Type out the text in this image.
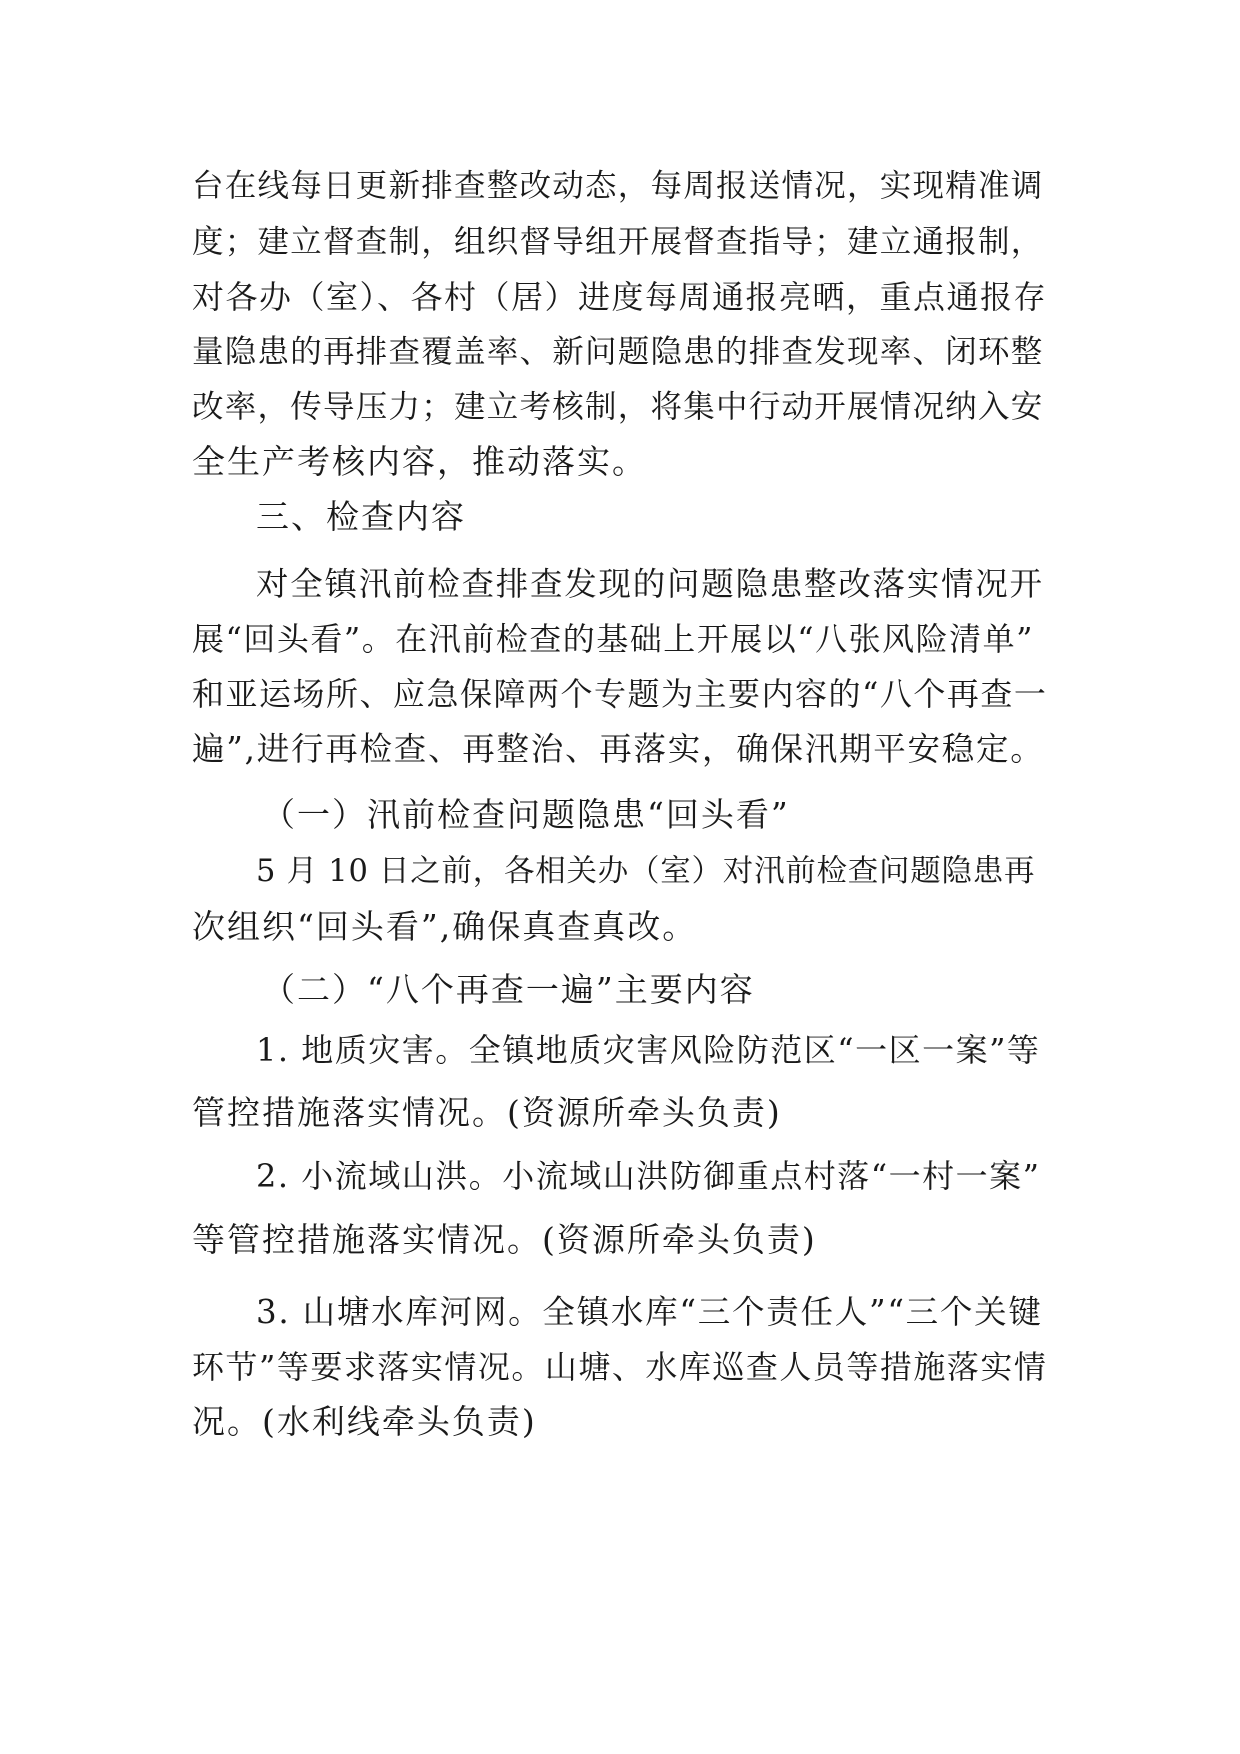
台在线每日更新排查整改动态，每周报送情况，实现精准调
度；建立督查制，组织督导组开展督查指导；建立通报制，
对各办（室）、各村（居）进度每周通报亮晒，重点通报存
量隐患的再排查覆盖率、新问题隐患的排查发现率、闭环整
改率，传导压力；建立考核制，将集中行动开展情况纳入安
全生产考核内容，推动落实。
三、检查内容
对全镇汛前检查排查发现的问题隐患整改落实情况开
展“回头看”。在汛前检查的基础上开展以“八张风险清单”
和亚运场所、应急保障两个专题为主要内容的“八个再查一
遍”,进行再检查、再整治、再落实，确保汛期平安稳定。
（一）汛前检查问题隐患“回头看”
5 月 10 日之前，各相关办（室）对汛前检查问题隐患再
次组织“回头看”,确保真查真改。
（二）“八个再查一遍”主要内容
1. 地质灾害。全镇地质灾害风险防范区“一区一案”等
管控措施落实情况。(资源所牵头负责)
2. 小流域山洪。小流域山洪防御重点村落“一村一案”
等管控措施落实情况。(资源所牵头负责)
3. 山塘水库河网。全镇水库“三个责任人”“三个关键
环节”等要求落实情况。山塘、水库巡查人员等措施落实情
况。(水利线牵头负责)
